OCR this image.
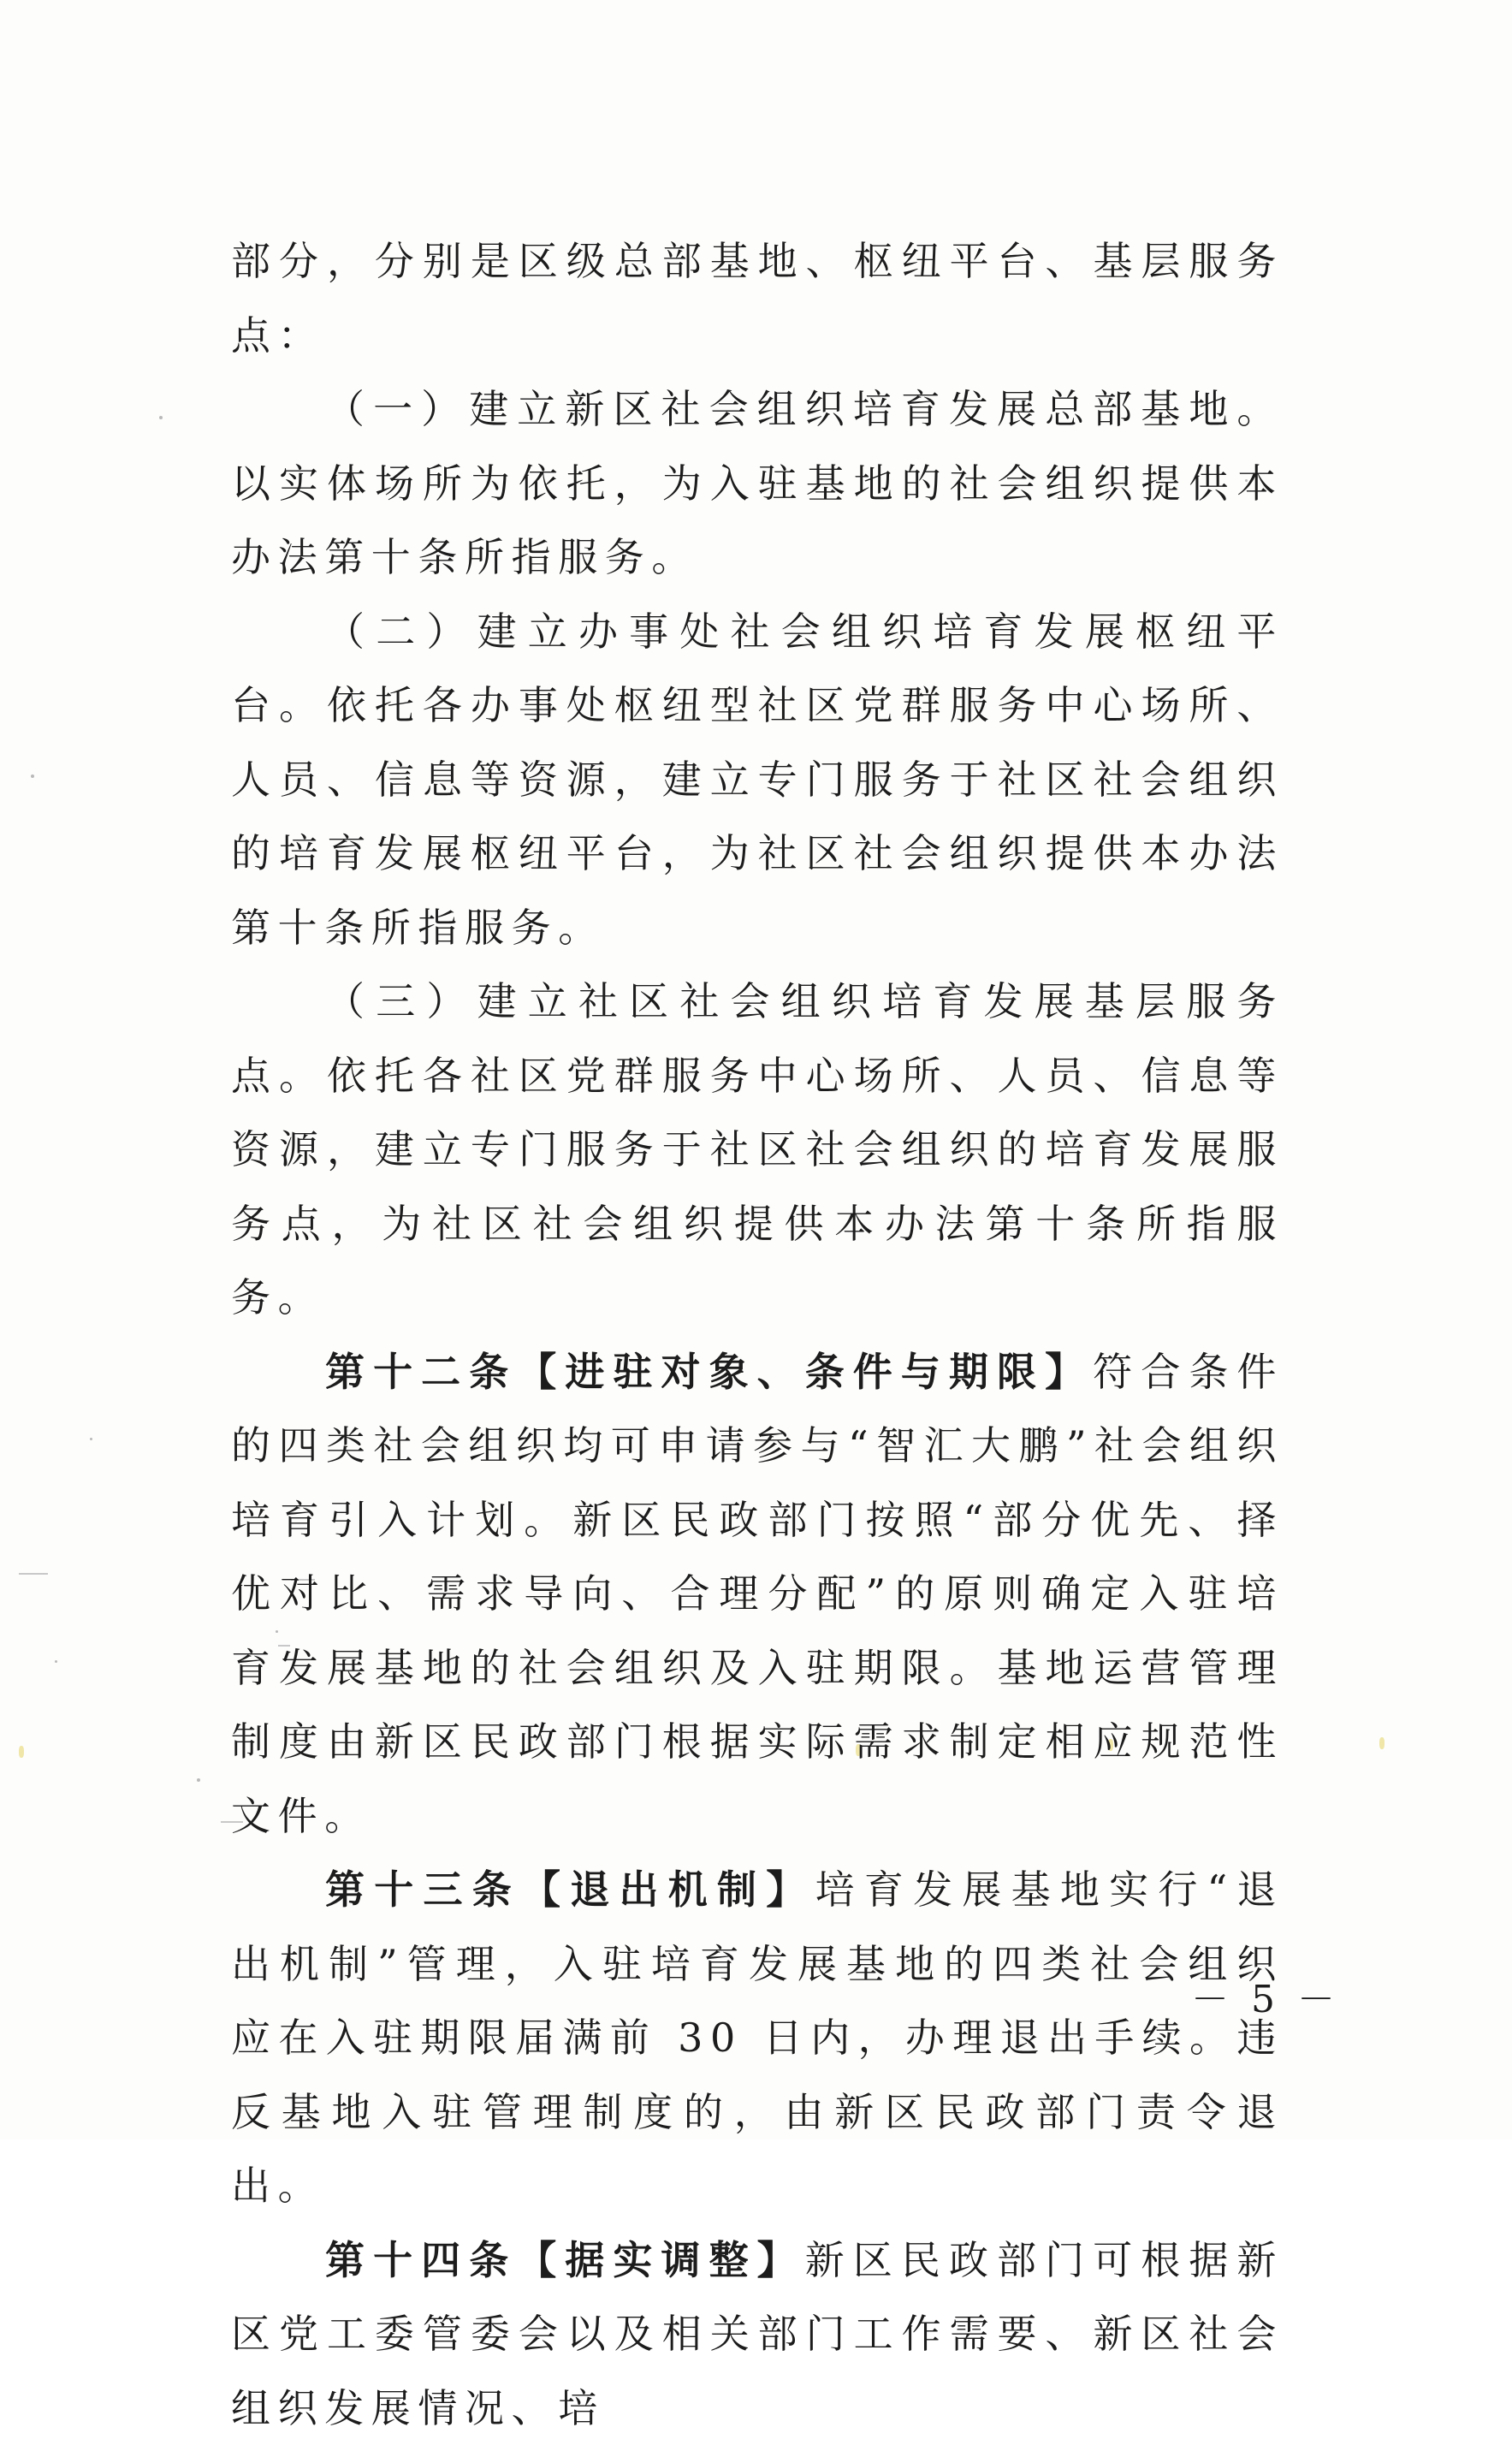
部分，分别是区级总部基地、枢纽平台、基层服务点：

（一）建立新区社会组织培育发展总部基地。以实体场所为依托，为入驻基地的社会组织提供本办法第十条所指服务。

（二）建立办事处社会组织培育发展枢纽平台。依托各办事处枢纽型社区党群服务中心场所、人员、信息等资源，建立专门服务于社区社会组织的培育发展枢纽平台，为社区社会组织提供本办法第十条所指服务。

（三）建立社区社会组织培育发展基层服务点。依托各社区党群服务中心场所、人员、信息等资源，建立专门服务于社区社会组织的培育发展服务点，为社区社会组织提供本办法第十条所指服务。

第十二条【进驻对象、条件与期限】符合条件的四类社会组织均可申请参与“智汇大鹏”社会组织培育引入计划。新区民政部门按照“部分优先、择优对比、需求导向、合理分配”的原则确定入驻培育发展基地的社会组织及入驻期限。基地运营管理制度由新区民政部门根据实际需求制定相应规范性文件。

第十三条【退出机制】培育发展基地实行“退出机制”管理，入驻培育发展基地的四类社会组织应在入驻期限届满前 30 日内，办理退出手续。违反基地入驻管理制度的，由新区民政部门责令退出。

第十四条【据实调整】新区民政部门可根据新区党工委管委会以及相关部门工作需要、新区社会组织发展情况、培

－ 5 －
